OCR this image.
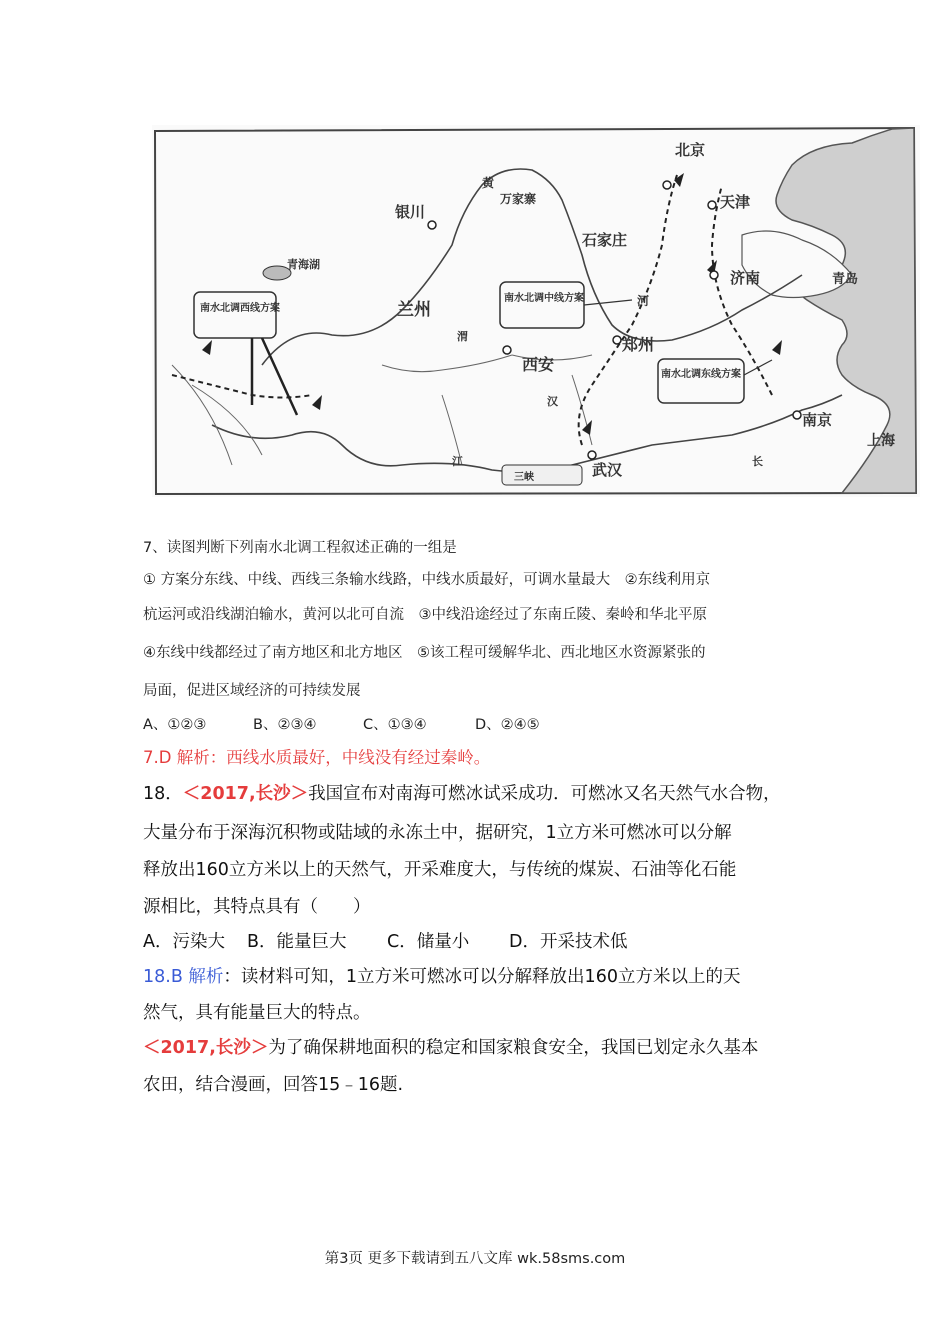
北京
天津
银川
万家寨
石家庄
青海湖
兰州
西安
郑州
济南	青岛
武汉
南京
上海
南水北调西线方案
南水北调中线方案
南水北调东线方案
黄
河
渭
汉
江	长
三峡
7、读图判断下列南水北调工程叙述正确的一组是
① 方案分东线、中线、西线三条输水线路，中线水质最好，可调水量最大　②东线利用京
杭运河或沿线湖泊输水，黄河以北可自流　③中线沿途经过了东南丘陵、秦岭和华北平原
④东线中线都经过了南方地区和北方地区　⑤该工程可缓解华北、西北地区水资源紧张的
局面，促进区域经济的可持续发展
A、①②③	B、②③④	C、①③④	D、②④⑤
7.D 解析：西线水质最好，中线没有经过秦岭。
18．＜2017,长沙＞我国宣布对南海可燃冰试采成功．可燃冰又名天然气水合物，
大量分布于深海沉积物或陆域的永冻土中，据研究，1立方米可燃冰可以分解
释放出160立方米以上的天然气，开采难度大，与传统的煤炭、石油等化石能
源相比，其特点具有（　　）
A．污染大 B．能量巨大 C．储量小 D．开采技术低
18.B 解析：读材料可知，1立方米可燃冰可以分解释放出160立方米以上的天
然气，具有能量巨大的特点。
＜2017,长沙＞为了确保耕地面积的稳定和国家粮食安全，我国已划定永久基本
农田，结合漫画，回答15﹣16题.
第3页 更多下载请到五八文库 wk.58sms.com
